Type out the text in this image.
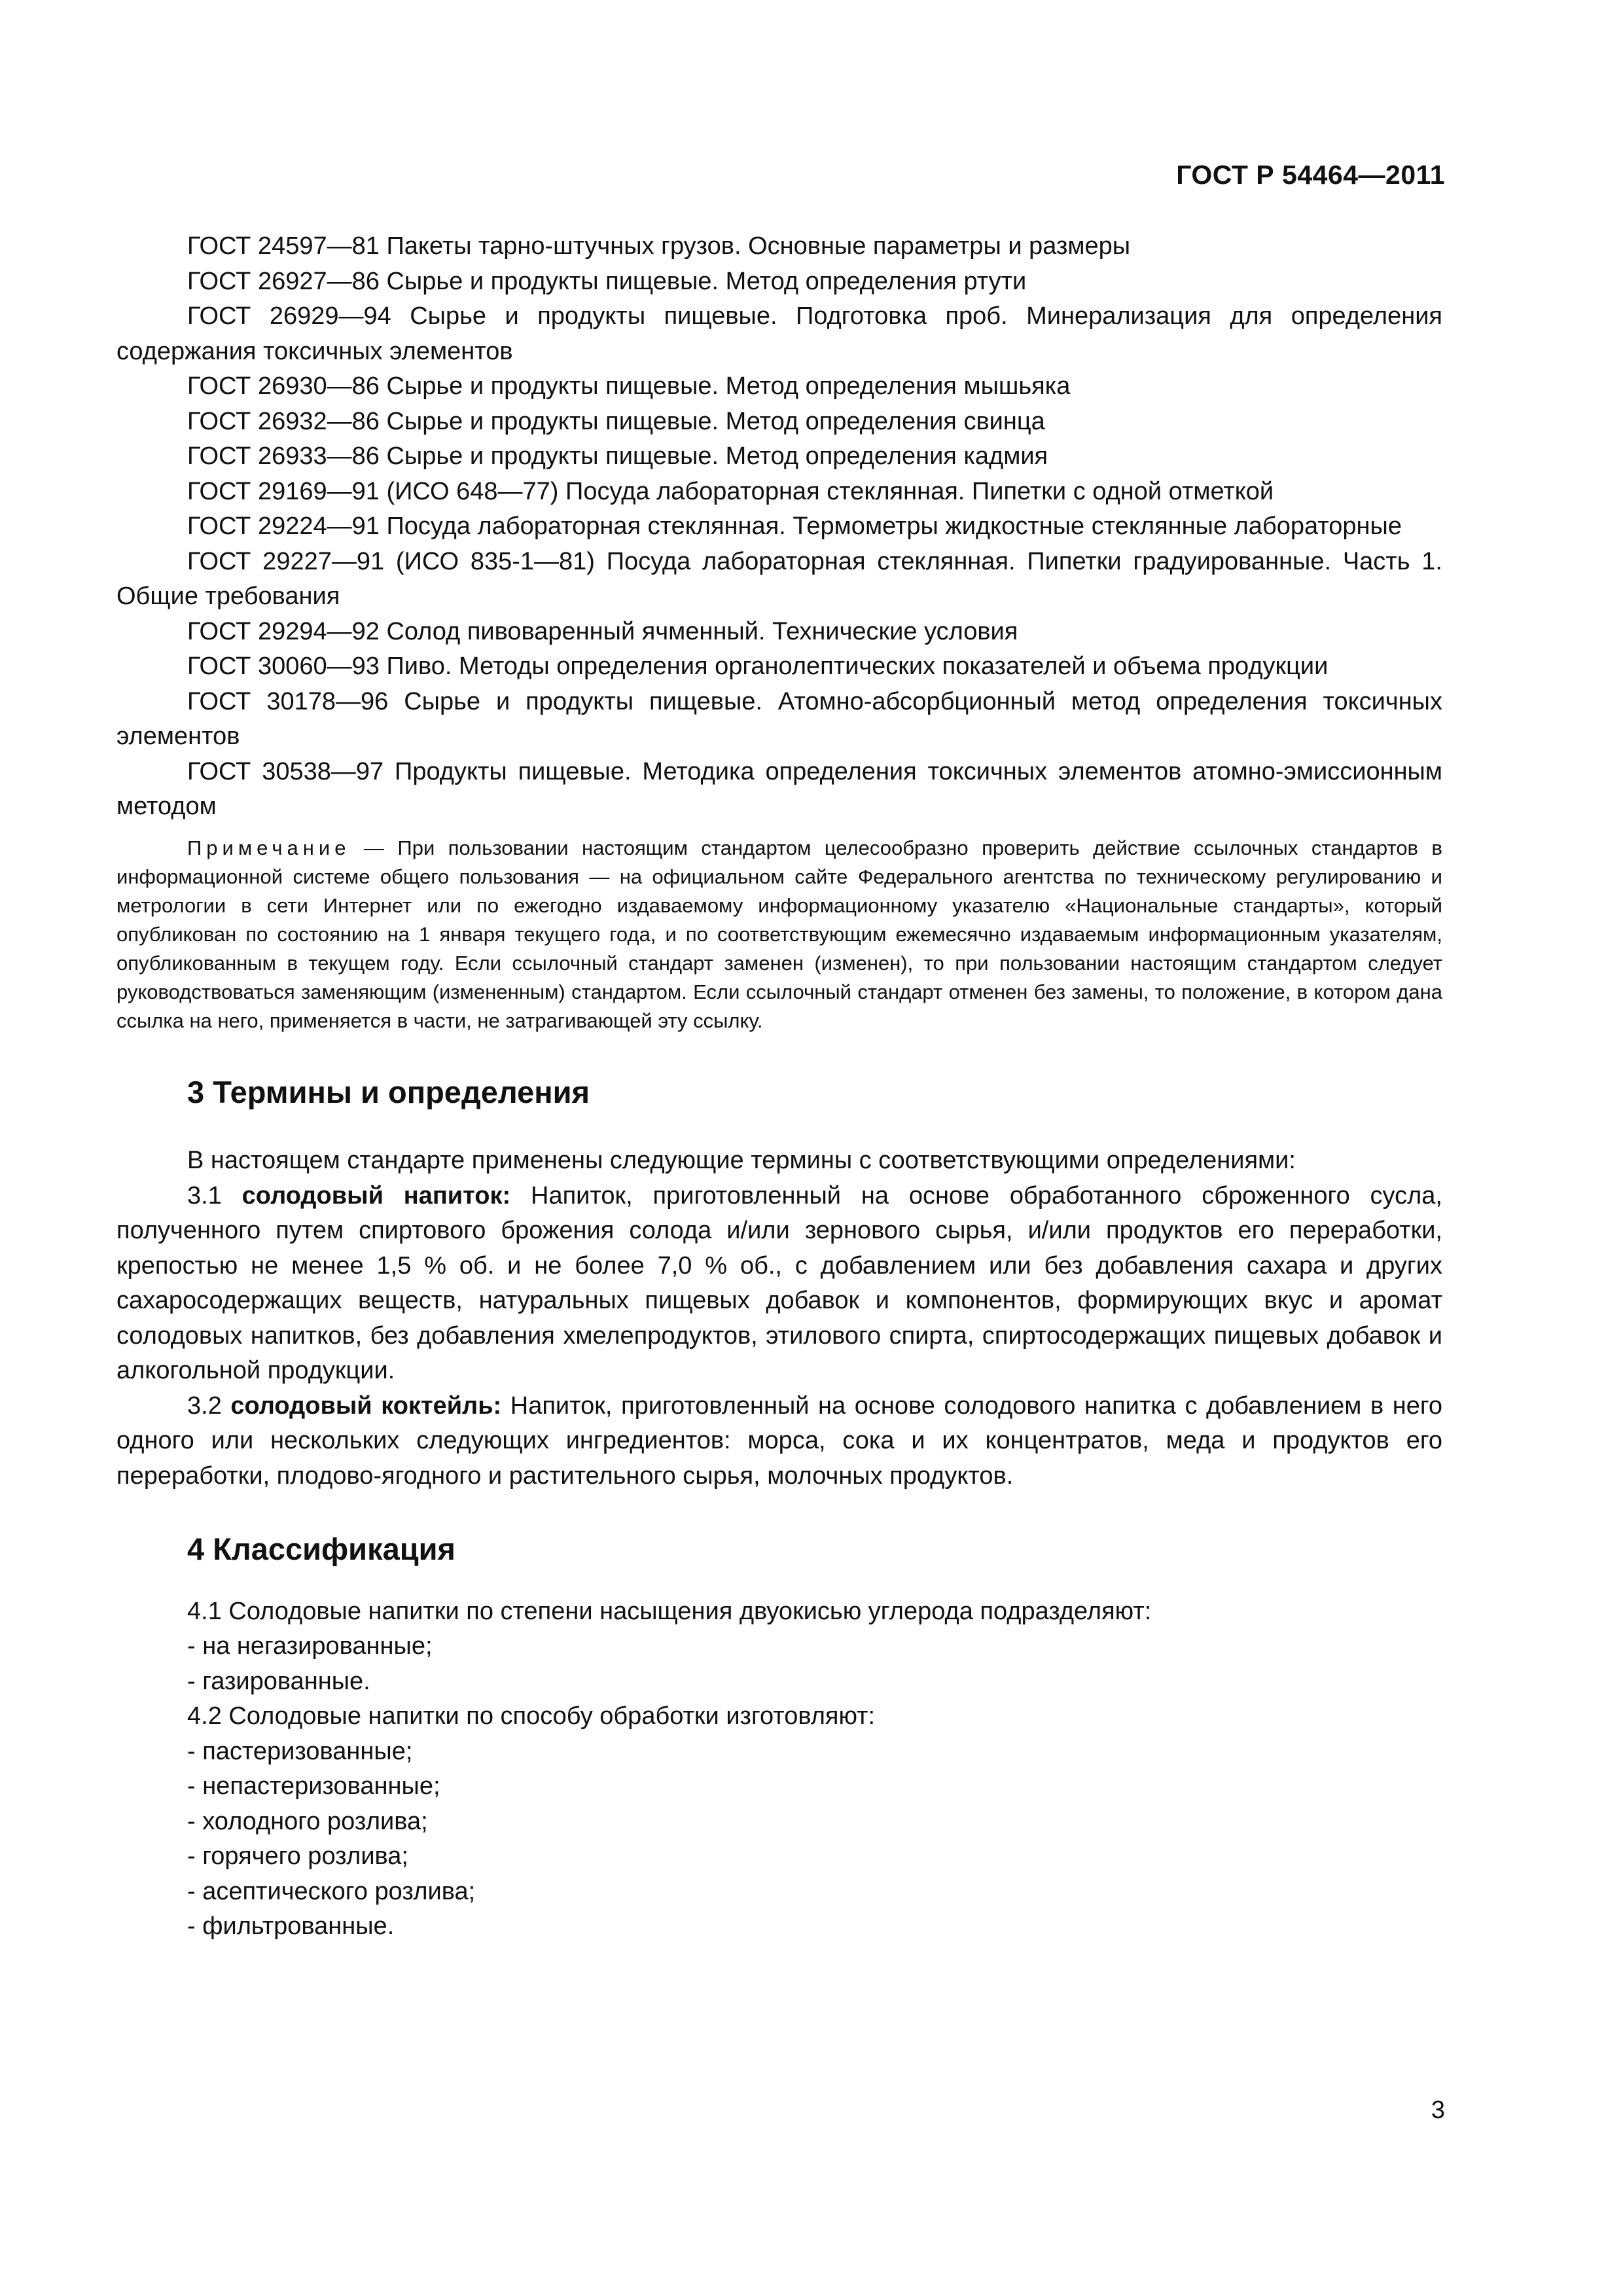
ГОСТ Р 54464—2011

ГОСТ 24597—81 Пакеты тарно-штучных грузов. Основные параметры и размеры

ГОСТ 26927—86 Сырье и продукты пищевые. Метод определения ртути

ГОСТ 26929—94 Сырье и продукты пищевые. Подготовка проб. Минерализация для определения содержания токсичных элементов

ГОСТ 26930—86 Сырье и продукты пищевые. Метод определения мышьяка

ГОСТ 26932—86 Сырье и продукты пищевые. Метод определения свинца

ГОСТ 26933—86 Сырье и продукты пищевые. Метод определения кадмия

ГОСТ 29169—91 (ИСО 648—77) Посуда лабораторная стеклянная. Пипетки с одной отметкой

ГОСТ 29224—91 Посуда лабораторная стеклянная. Термометры жидкостные стеклянные лабораторные

ГОСТ 29227—91 (ИСО 835-1—81) Посуда лабораторная стеклянная. Пипетки градуированные. Часть 1. Общие требования

ГОСТ 29294—92 Солод пивоваренный ячменный. Технические условия

ГОСТ 30060—93 Пиво. Методы определения органолептических показателей и объема продукции

ГОСТ 30178—96 Сырье и продукты пищевые. Атомно-абсорбционный метод определения токсичных элементов

ГОСТ 30538—97 Продукты пищевые. Методика определения токсичных элементов атомно-эмиссионным методом

Примечание — При пользовании настоящим стандартом целесообразно проверить действие ссылочных стандартов в информационной системе общего пользования — на официальном сайте Федерального агентства по техническому регулированию и метрологии в сети Интернет или по ежегодно издаваемому информационному указателю «Национальные стандарты», который опубликован по состоянию на 1 января текущего года, и по соответствующим ежемесячно издаваемым информационным указателям, опубликованным в текущем году. Если ссылочный стандарт заменен (изменен), то при пользовании настоящим стандартом следует руководствоваться заменяющим (измененным) стандартом. Если ссылочный стандарт отменен без замены, то положение, в котором дана ссылка на него, применяется в части, не затрагивающей эту ссылку.

3 Термины и определения

В настоящем стандарте применены следующие термины с соответствующими определениями:

3.1 солодовый напиток: Напиток, приготовленный на основе обработанного сброженного сусла, полученного путем спиртового брожения солода и/или зернового сырья, и/или продуктов его переработки, крепостью не менее 1,5 % об. и не более 7,0 % об., с добавлением или без добавления сахара и других сахаросодержащих веществ, натуральных пищевых добавок и компонентов, формирующих вкус и аромат солодовых напитков, без добавления хмелепродуктов, этилового спирта, спиртосодержащих пищевых добавок и алкогольной продукции.

3.2 солодовый коктейль: Напиток, приготовленный на основе солодового напитка с добавлением в него одного или нескольких следующих ингредиентов: морса, сока и их концентратов, меда и продуктов его переработки, плодово-ягодного и растительного сырья, молочных продуктов.

4 Классификация

4.1 Солодовые напитки по степени насыщения двуокисью углерода подразделяют:

- на негазированные;

- газированные.

4.2 Солодовые напитки по способу обработки изготовляют:

- пастеризованные;

- непастеризованные;

- холодного розлива;

- горячего розлива;

- асептического розлива;

- фильтрованные.

3
